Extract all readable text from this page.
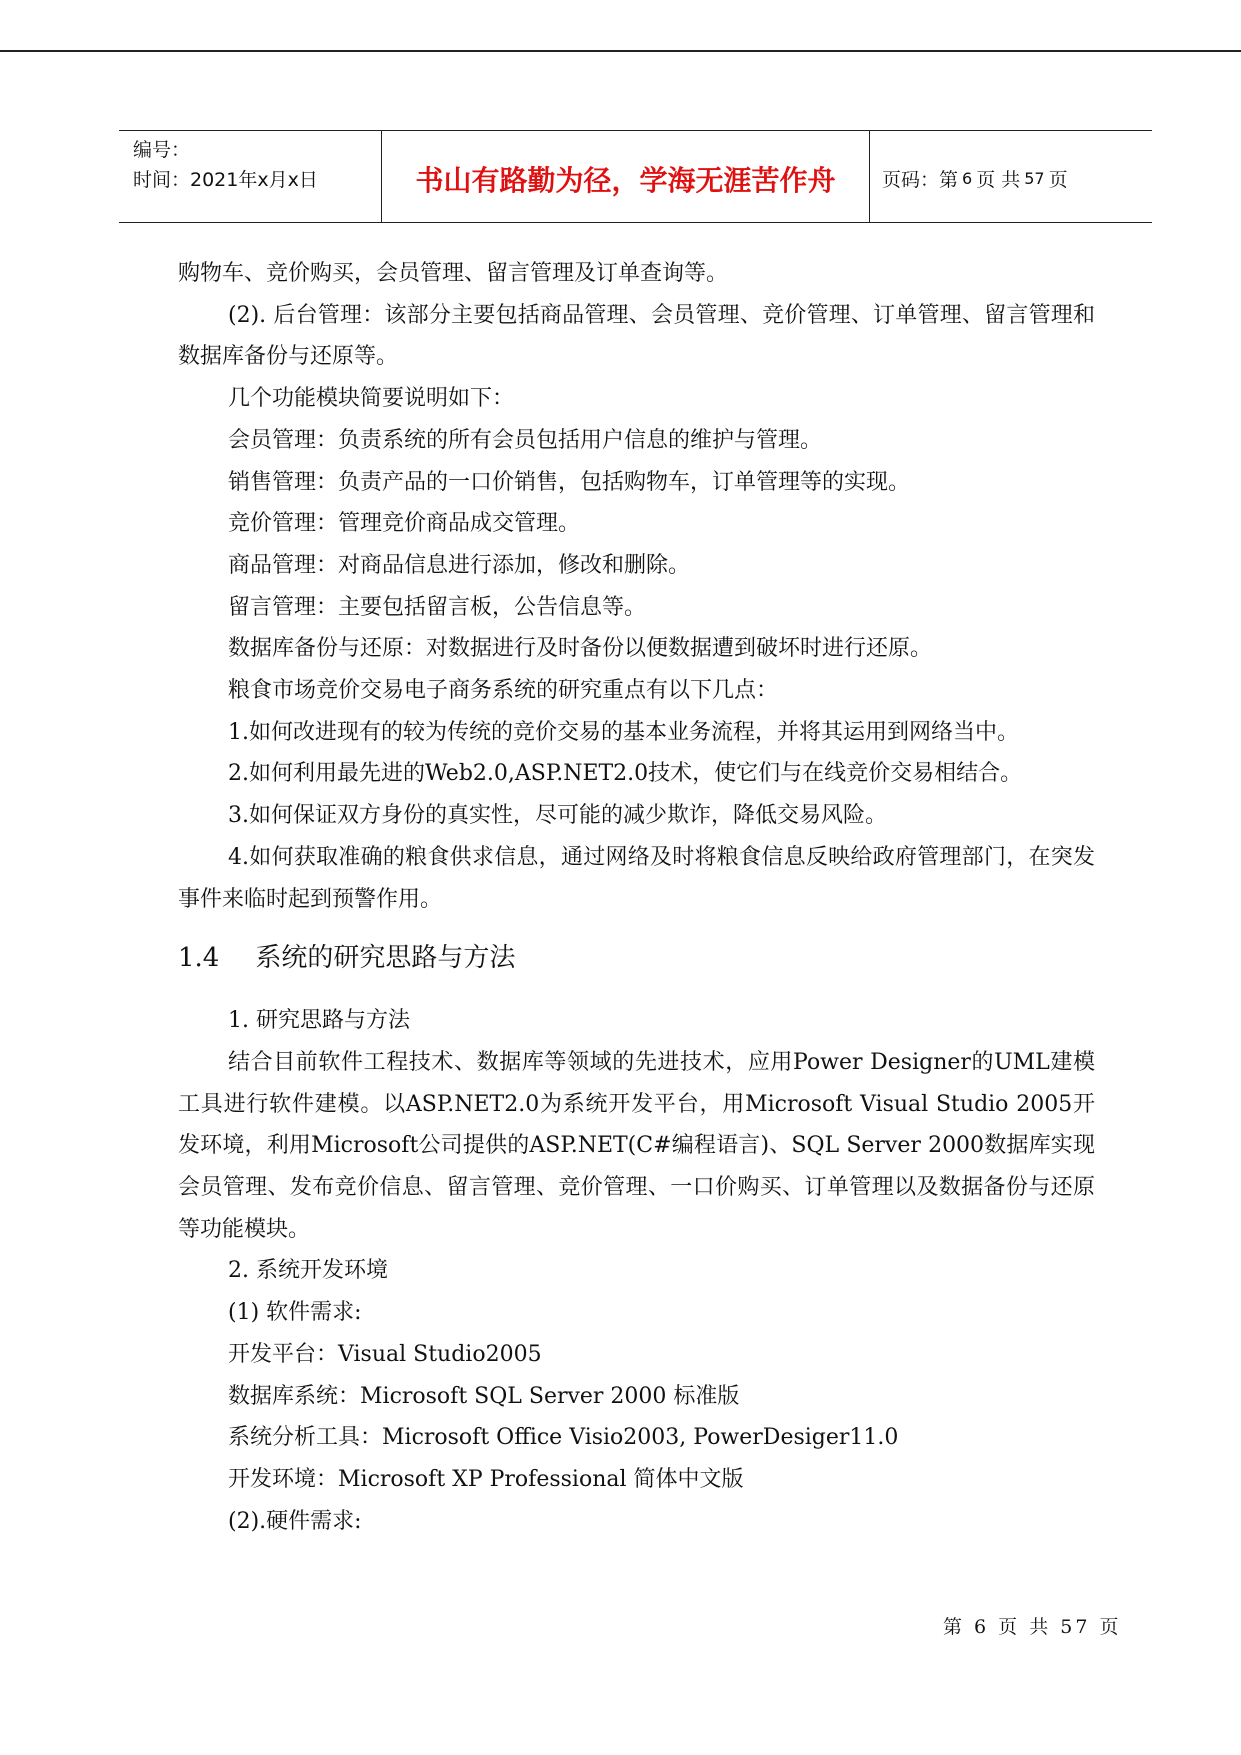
编号：
时间：2021年x月x日	书山有路勤为径，学海无涯苦作舟	页码：第 6 页 共 57 页

购物车、竞价购买，会员管理、留言管理及订单查询等。

(2). 后台管理：该部分主要包括商品管理、会员管理、竞价管理、订单管理、留言管理和数据库备份与还原等。

几个功能模块简要说明如下：

会员管理：负责系统的所有会员包括用户信息的维护与管理。

销售管理：负责产品的一口价销售，包括购物车，订单管理等的实现。

竞价管理：管理竞价商品成交管理。

商品管理：对商品信息进行添加，修改和删除。

留言管理：主要包括留言板，公告信息等。

数据库备份与还原：对数据进行及时备份以便数据遭到破坏时进行还原。

粮食市场竞价交易电子商务系统的研究重点有以下几点：

1.如何改进现有的较为传统的竞价交易的基本业务流程，并将其运用到网络当中。

2.如何利用最先进的Web2.0,ASP.NET2.0技术，使它们与在线竞价交易相结合。

3.如何保证双方身份的真实性，尽可能的减少欺诈，降低交易风险。

4.如何获取准确的粮食供求信息，通过网络及时将粮食信息反映给政府管理部门，在突发事件来临时起到预警作用。

1.4 系统的研究思路与方法

1. 研究思路与方法

结合目前软件工程技术、数据库等领域的先进技术，应用Power Designer的UML建模工具进行软件建模。以ASP.NET2.0为系统开发平台，用Microsoft Visual Studio 2005开发环境，利用Microsoft公司提供的ASP.NET(C#编程语言)、SQL Server 2000数据库实现会员管理、发布竞价信息、留言管理、竞价管理、一口价购买、订单管理以及数据备份与还原等功能模块。

2. 系统开发环境

(1) 软件需求:

开发平台：Visual Studio2005

数据库系统：Microsoft SQL Server 2000 标准版

系统分析工具：Microsoft Office Visio2003, PowerDesiger11.0

开发环境：Microsoft XP Professional 简体中文版

(2).硬件需求:

第 6 页 共 57 页
